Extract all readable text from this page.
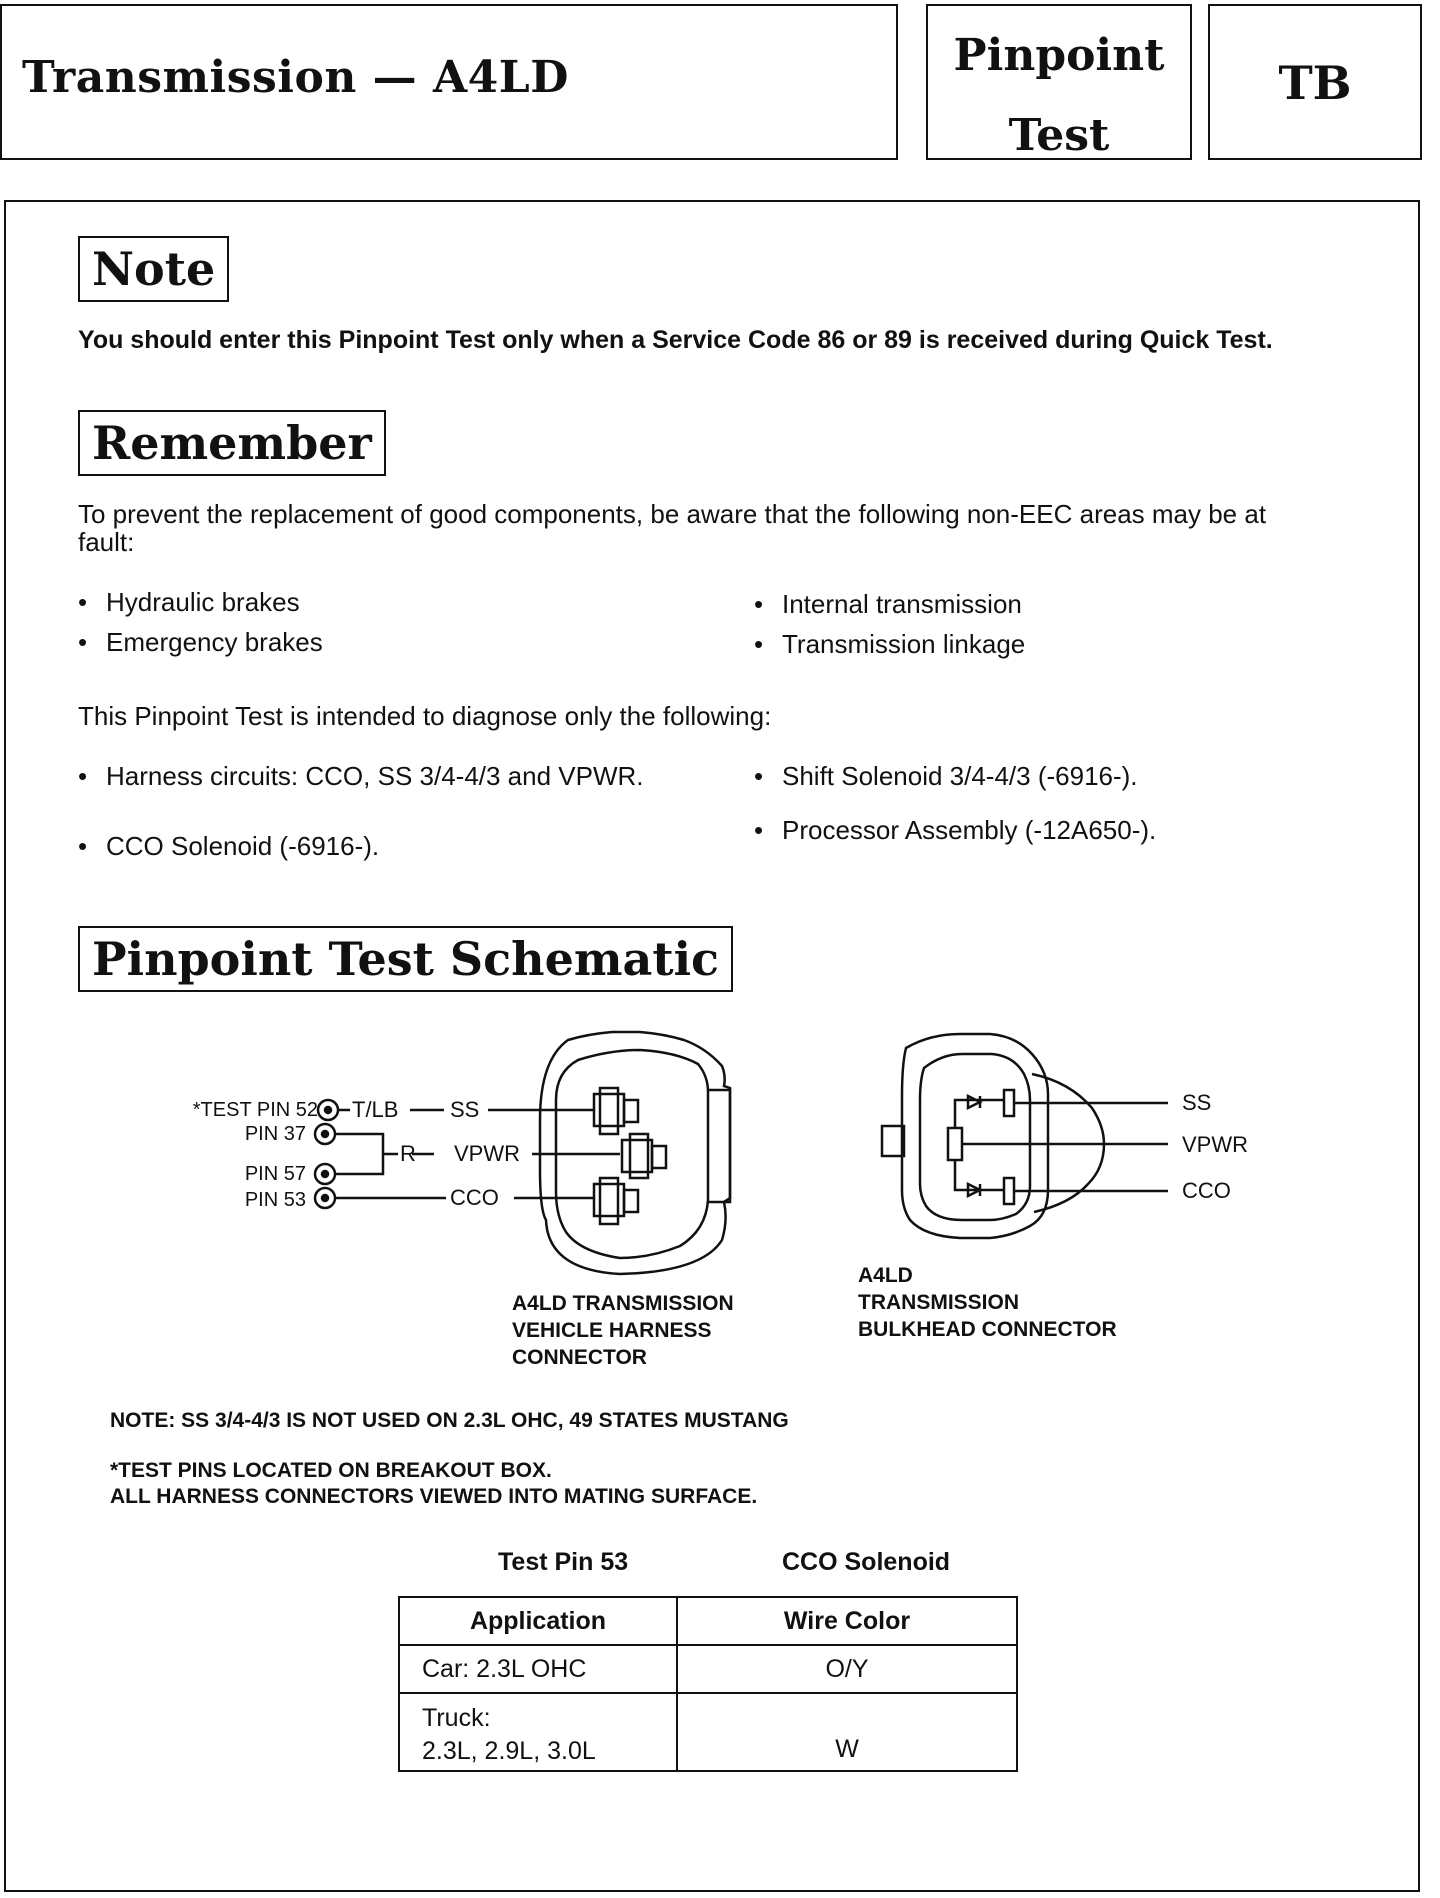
Transmission — A4LD	Pinpoint
Test
TB
Note
You should enter this Pinpoint Test only when a Service Code 86 or 89 is received during Quick Test.
Remember
To prevent the replacement of good components, be aware that the following non-EEC areas may be at fault:
• Hydraulic brakes
• Emergency brakes
• Internal transmission
• Transmission linkage
This Pinpoint Test is intended to diagnose only the following:
• Harness circuits: CCO, SS 3/4-4/3 and VPWR.
• CCO Solenoid (-6916-).
• Shift Solenoid 3/4-4/3 (-6916-).
• Processor Assembly (-12A650-).
Pinpoint Test Schematic
*TEST PIN 52
PIN 37
PIN 57
PIN 53
T/LB SS
R VPWR
CCO
SS
VPWR
CCO
A4LD TRANSMISSION
VEHICLE HARNESS
CONNECTOR
A4LD
TRANSMISSION
BULKHEAD CONNECTOR
NOTE: SS 3/4-4/3 IS NOT USED ON 2.3L OHC, 49 STATES MUSTANG
*TEST PINS LOCATED ON BREAKOUT BOX.
ALL HARNESS CONNECTORS VIEWED INTO MATING SURFACE.
Test Pin 53	CCO Solenoid
Application	Wire Color
Car: 2.3L OHC	O/Y

Truck:
2.3L, 2.9L, 3.0L	W
